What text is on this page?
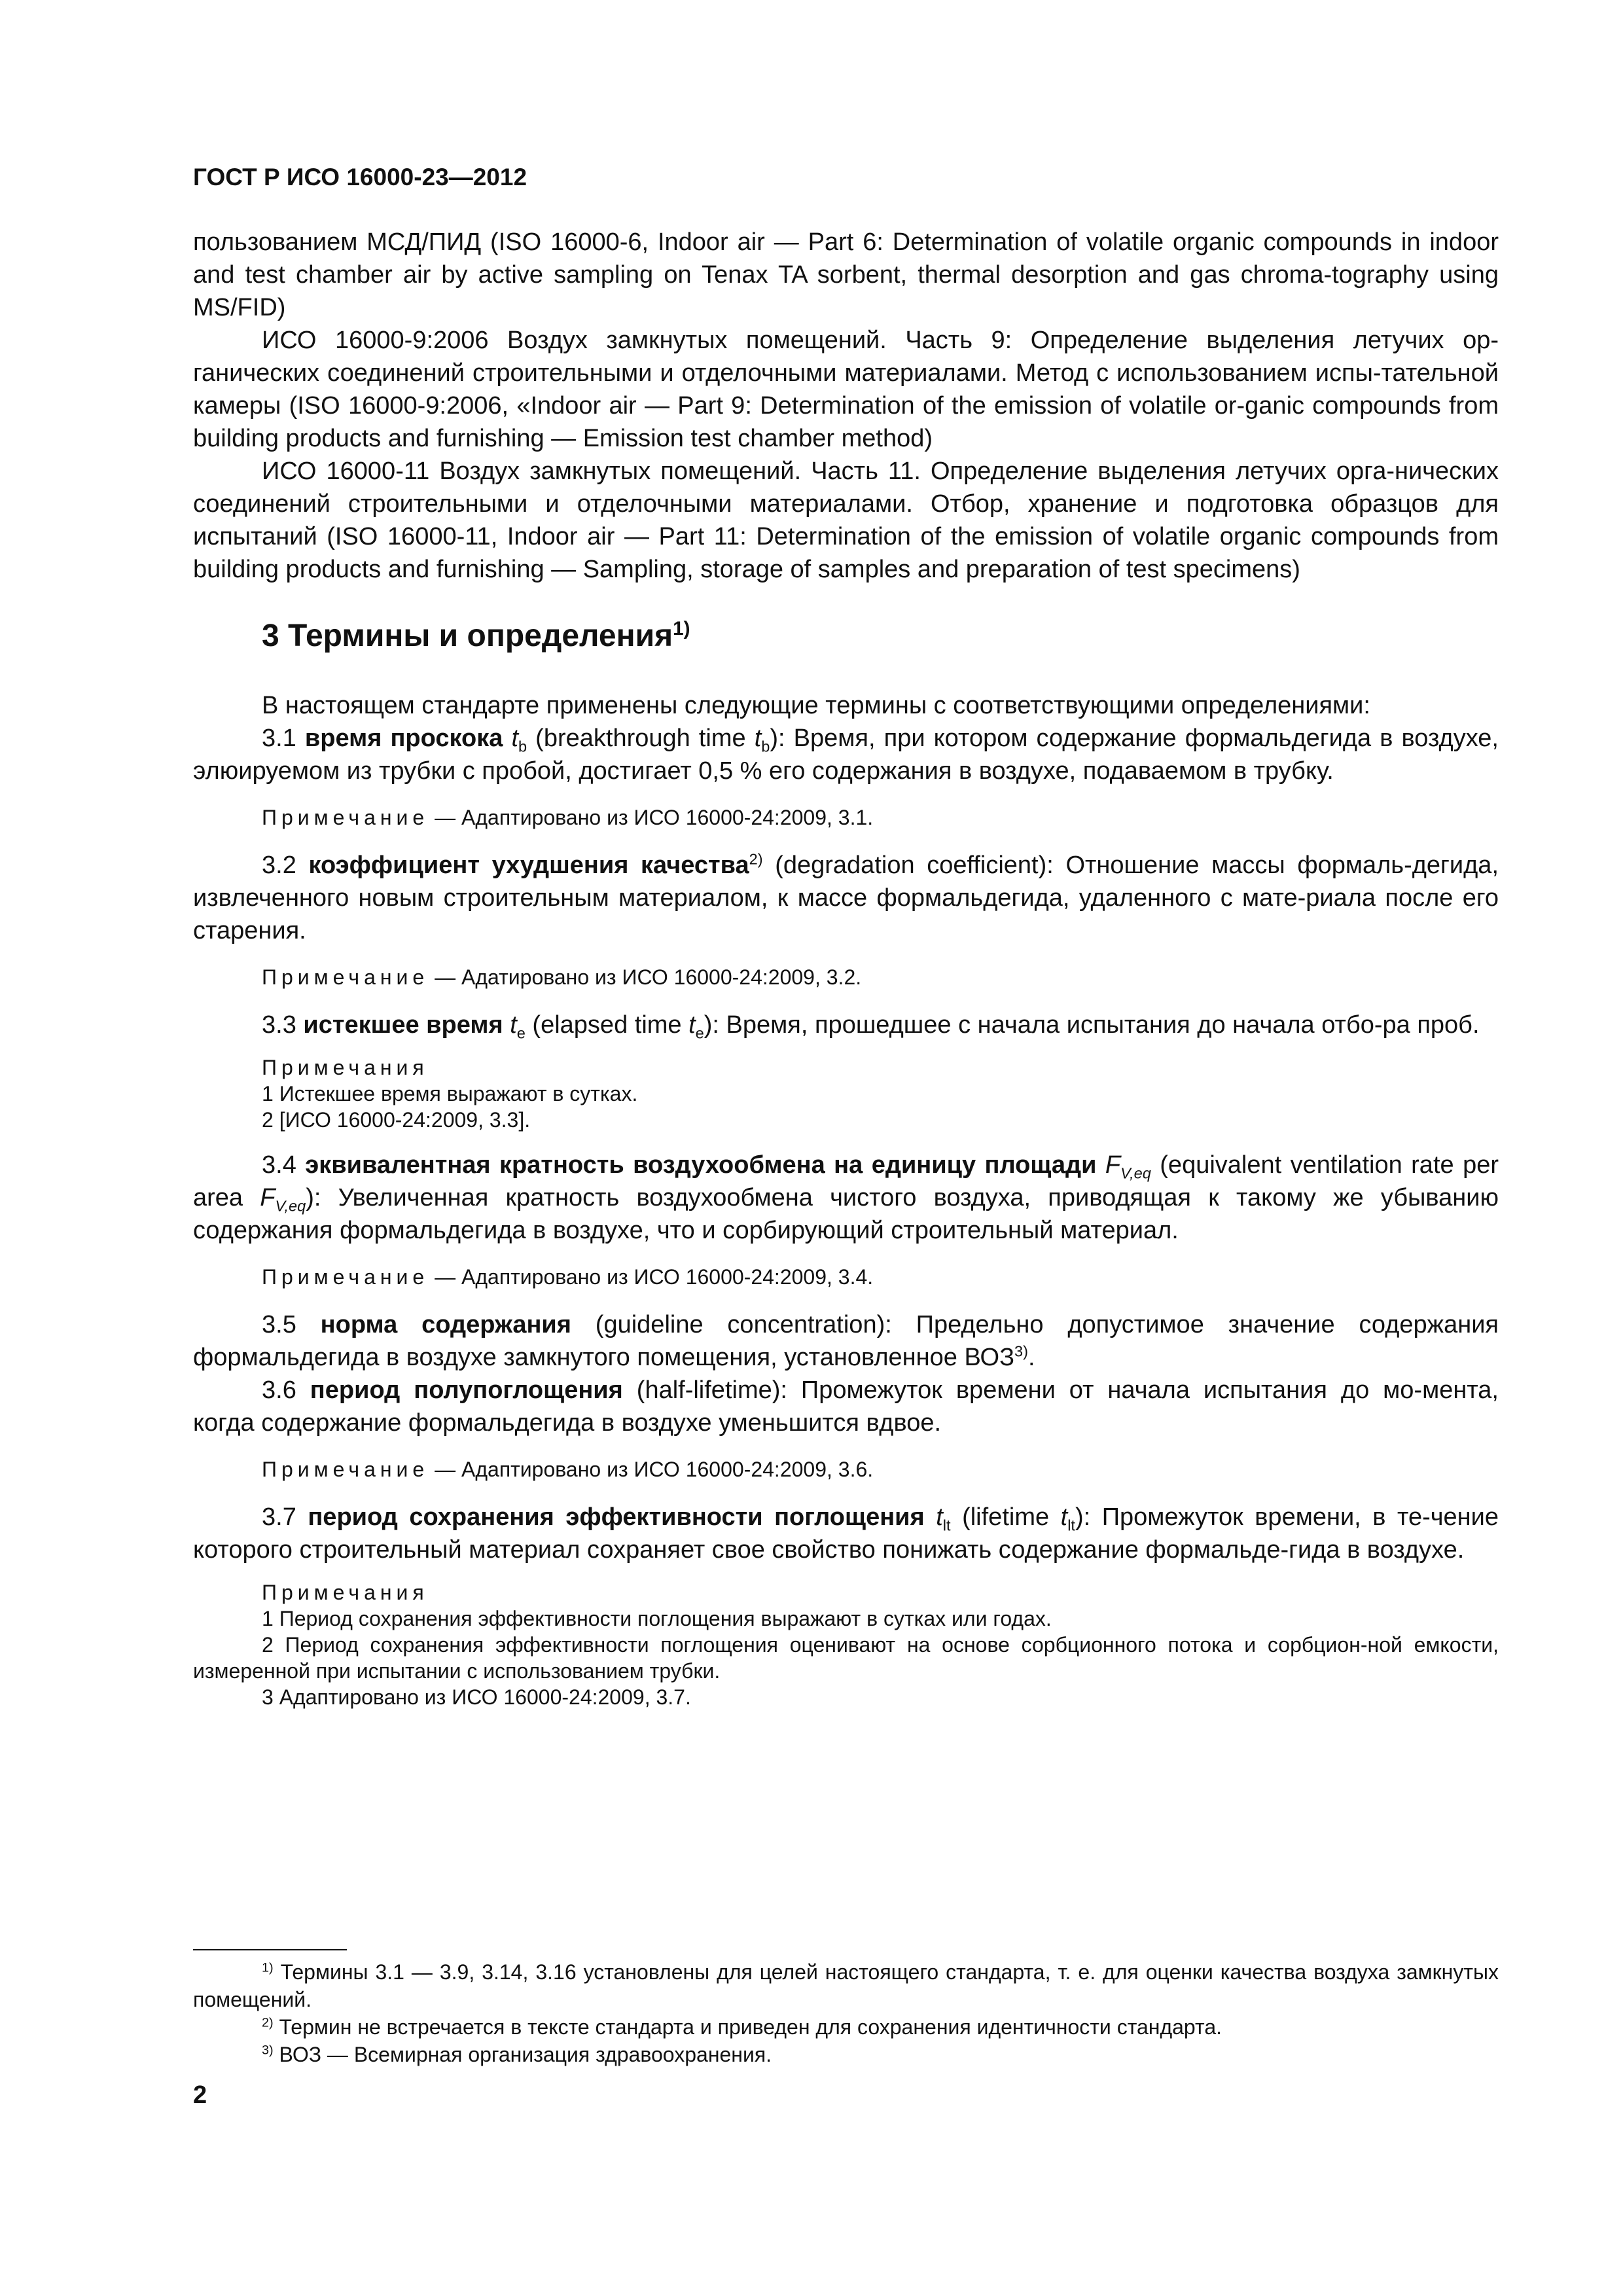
ГОСТ Р ИСО 16000-23—2012

пользованием МСД/ПИД (ISO 16000-6, Indoor air — Part 6: Determination of volatile organic compounds in indoor and test chamber air by active sampling on Tenax TA sorbent, thermal desorption and gas chroma-tography using MS/FID)

ИСО 16000-9:2006 Воздух замкнутых помещений. Часть 9: Определение выделения летучих ор-ганических соединений строительными и отделочными материалами. Метод с использованием испы-тательной камеры (ISO 16000-9:2006, «Indoor air — Part 9: Determination of the emission of volatile or-ganic compounds from building products and furnishing — Emission test chamber method)

ИСО 16000-11 Воздух замкнутых помещений. Часть 11. Определение выделения летучих орга-нических соединений строительными и отделочными материалами. Отбор, хранение и подготовка образцов для испытаний (ISO 16000-11, Indoor air — Part 11: Determination of the emission of volatile organic compounds from building products and furnishing — Sampling, storage of samples and preparation of test specimens)

3 Термины и определения$^{1)}$

В настоящем стандарте применены следующие термины с соответствующими определениями:

3.1 время проскока $t_b$ (breakthrough time $t_b$): Время, при котором содержание формальдегида в воздухе, элюируемом из трубки с пробой, достигает 0,5 % его содержания в воздухе, подаваемом в трубку.

Примечание — Адаптировано из ИСО 16000-24:2009, 3.1.

3.2 коэффициент ухудшения качества$^{2)}$ (degradation coefficient): Отношение массы формаль-дегида, извлеченного новым строительным материалом, к массе формальдегида, удаленного с мате-риала после его старения.

Примечание — Адатировано из ИСО 16000-24:2009, 3.2.

3.3 истекшее время $t_e$ (elapsed time $t_e$): Время, прошедшее с начала испытания до начала отбо-ра проб.

Примечания
1 Истекшее время выражают в сутках.
2 [ИСО 16000-24:2009, 3.3].

3.4 эквивалентная кратность воздухообмена на единицу площади $F_{V,eq}$ (equivalent ventilation rate per area $F_{V,eq}$): Увеличенная кратность воздухообмена чистого воздуха, приводящая к такому же убыванию содержания формальдегида в воздухе, что и сорбирующий строительный материал.

Примечание — Адаптировано из ИСО 16000-24:2009, 3.4.

3.5 норма содержания (guideline concentration): Предельно допустимое значение содержания формальдегида в воздухе замкнутого помещения, установленное ВОЗ$^{3)}$.

3.6 период полупоглощения (half-lifetime): Промежуток времени от начала испытания до мо-мента, когда содержание формальдегида в воздухе уменьшится вдвое.

Примечание — Адаптировано из ИСО 16000-24:2009, 3.6.

3.7 период сохранения эффективности поглощения $t_{lt}$ (lifetime $t_{lt}$): Промежуток времени, в те-чение которого строительный материал сохраняет свое свойство понижать содержание формальде-гида в воздухе.

Примечания
1 Период сохранения эффективности поглощения выражают в сутках или годах.
2 Период сохранения эффективности поглощения оценивают на основе сорбционного потока и сорбцион-ной емкости, измеренной при испытании с использованием трубки.
3 Адаптировано из ИСО 16000-24:2009, 3.7.
$^{1)}$ Термины 3.1 — 3.9, 3.14, 3.16 установлены для целей настоящего стандарта, т. е. для оценки качества воздуха замкнутых помещений.
$^{2)}$ Термин не встречается в тексте стандарта и приведен для сохранения идентичности стандарта.
$^{3)}$ ВОЗ — Всемирная организация здравоохранения.
2
